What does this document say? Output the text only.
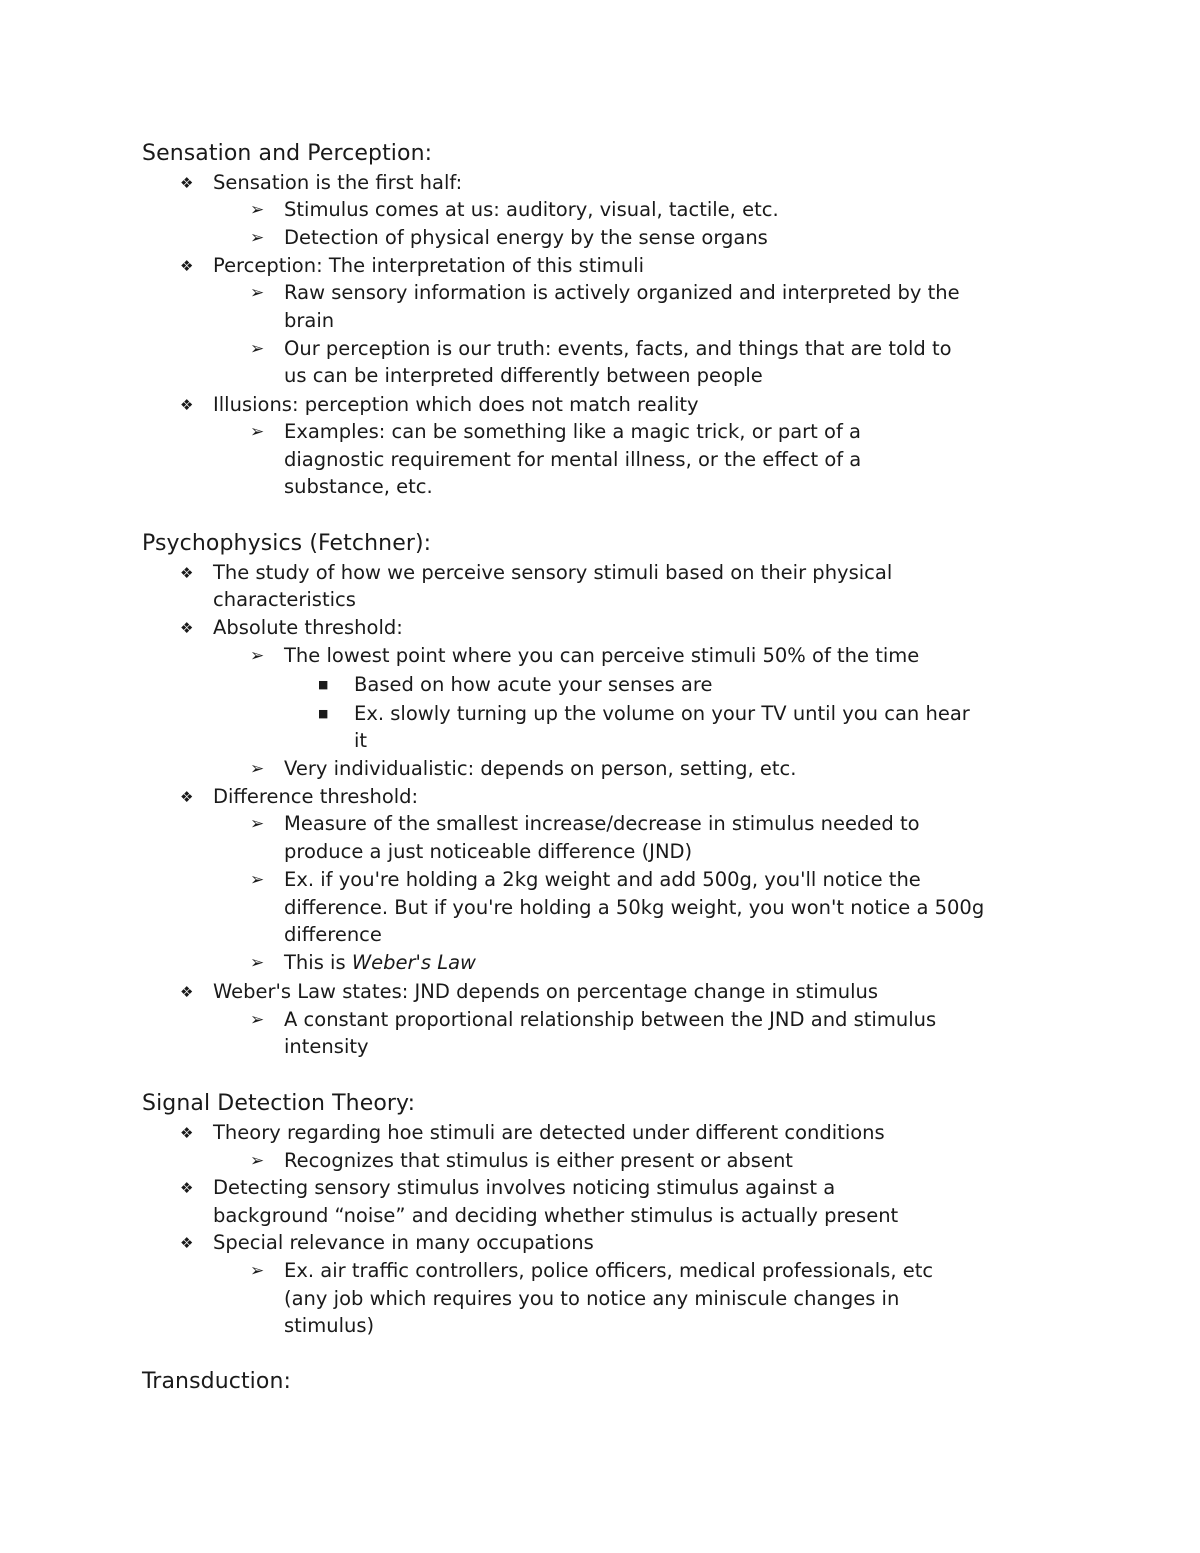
Sensation and Perception:
❖ Sensation is the first half:
➢ Stimulus comes at us: auditory, visual, tactile, etc.
➢ Detection of physical energy by the sense organs
❖ Perception: The interpretation of this stimuli
➢ Raw sensory information is actively organized and interpreted by the
brain
➢ Our perception is our truth: events, facts, and things that are told to
us can be interpreted differently between people
❖ Illusions: perception which does not match reality
➢ Examples: can be something like a magic trick, or part of a
diagnostic requirement for mental illness, or the effect of a
substance, etc.
Psychophysics (Fetchner):
❖ The study of how we perceive sensory stimuli based on their physical
characteristics
❖ Absolute threshold:
➢ The lowest point where you can perceive stimuli 50% of the time
■ Based on how acute your senses are
■ Ex. slowly turning up the volume on your TV until you can hear
it
➢ Very individualistic: depends on person, setting, etc.
❖ Difference threshold:
➢ Measure of the smallest increase/decrease in stimulus needed to
produce a just noticeable difference (JND)
➢ Ex. if you're holding a 2kg weight and add 500g, you'll notice the
difference. But if you're holding a 50kg weight, you won't notice a 500g
difference
➢ This is Weber's Law
❖ Weber's Law states: JND depends on percentage change in stimulus
➢ A constant proportional relationship between the JND and stimulus
intensity
Signal Detection Theory:
❖ Theory regarding hoe stimuli are detected under different conditions
➢ Recognizes that stimulus is either present or absent
❖ Detecting sensory stimulus involves noticing stimulus against a
background “noise” and deciding whether stimulus is actually present
❖ Special relevance in many occupations
➢ Ex. air traffic controllers, police officers, medical professionals, etc
(any job which requires you to notice any miniscule changes in
stimulus)
Transduction:
